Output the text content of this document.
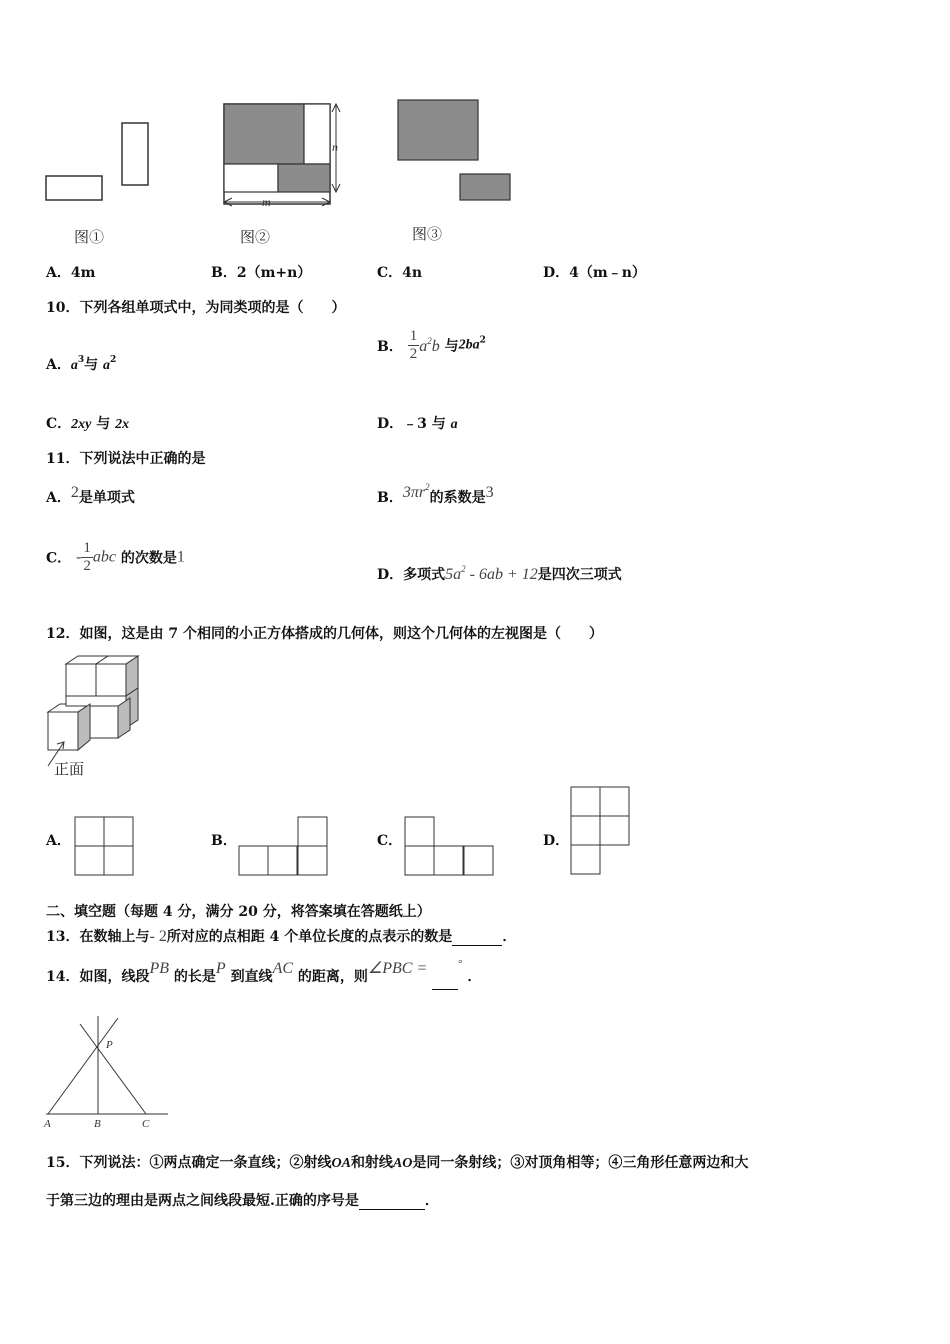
图①
n
m
图②	图③
A．4m	B．2（m+n）	C．4n	D．4（m﹣n）
10．下列各组单项式中，为同类项的是（　　）
A．$a^3$与 $a^2$
B． $\frac{1}{2} a^2b$ 与$2ba^2$
C．2xy 与 2x	D．﹣3 与 a
11．下列说法中正确的是
A．2是单项式	B．$3\pi r^2$的系数是3
C． - $\frac{1}{2}$ abc 的次数是1
D．多项式$5a^2 - 6ab + 12$是四次三项式
12．如图，这是由 7 个相同的小正方体搭成的几何体，则这个几何体的左视图是（　　）
正面
A．	B．	C．	D．
二、填空题（每题 4 分，满分 20 分，将答案填在答题纸上）
13．在数轴上与- 2所对应的点相距 4 个单位长度的点表示的数是	．
14．如图，线段PB 的长是P 到直线AC 的距离，则∠PBC =	° ．
P
A	B	C
15．下列说法：①两点确定一条直线；②射线OA和射线AO是同一条射线；③对顶角相等；④三角形任意两边和大
于第三边的理由是两点之间线段最短.正确的序号是	．
